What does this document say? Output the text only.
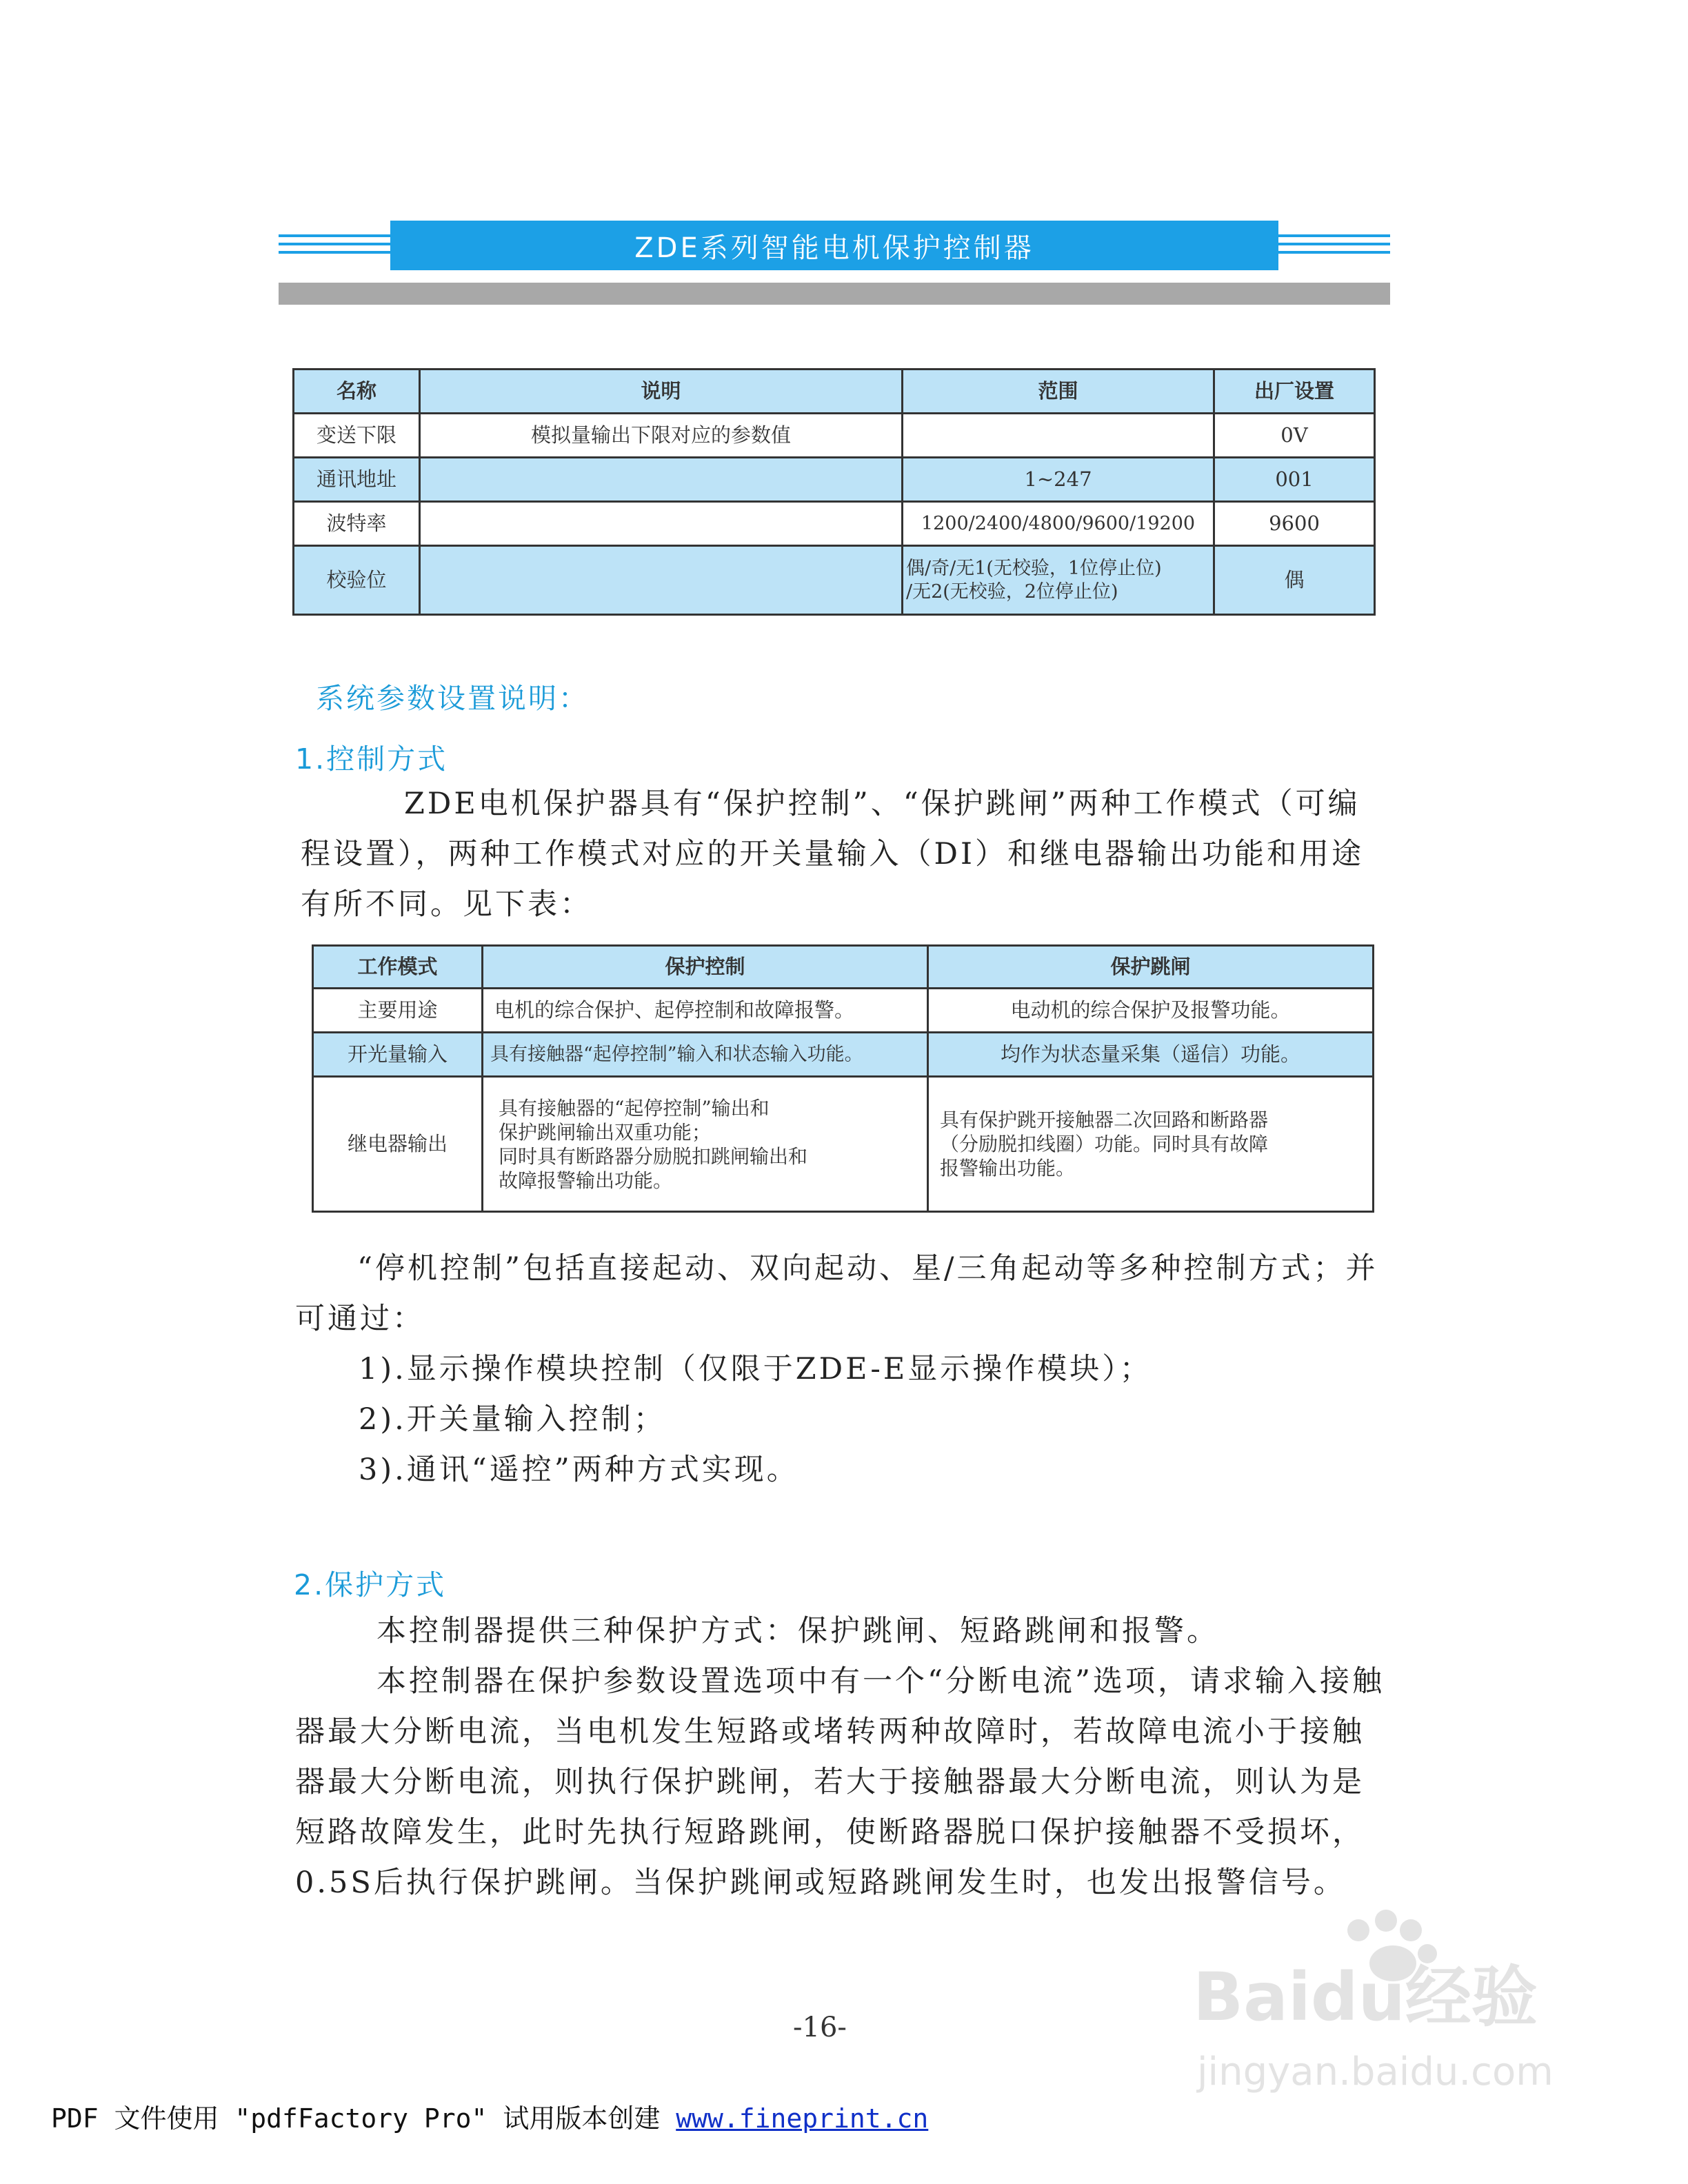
ZDE系列智能电机保护控制器
名称	说明	范围	出厂设置
变送下限	模拟量输出下限对应的参数值		0V
通讯地址		1~247	001
波特率		1200/2400/4800/9600/19200	9600
校验位		偶/奇/无1(无校验，1位停止位)
/无2(无校验，2位停止位)	偶
系统参数设置说明：
1.控制方式
ZDE电机保护器具有“保护控制”、“保护跳闸”两种工作模式（可编程设置），两种工作模式对应的开关量输入（DI）和继电器输出功能和用途有所不同。见下表：
工作模式	保护控制	保护跳闸
主要用途	电机的综合保护、起停控制和故障报警。	电动机的综合保护及报警功能。
开光量输入	具有接触器“起停控制”输入和状态输入功能。	均作为状态量采集（遥信）功能。
继电器输出	具有接触器的“起停控制”输出和
保护跳闸输出双重功能；
同时具有断路器分励脱扣跳闸输出和
故障报警输出功能。	具有保护跳开接触器二次回路和断路器
（分励脱扣线圈）功能。同时具有故障
报警输出功能。
“停机控制”包括直接起动、双向起动、星/三角起动等多种控制方式；并可通过：
1).显示操作模块控制（仅限于ZDE-E显示操作模块）；
2).开关量输入控制；
3).通讯“遥控”两种方式实现。
2.保护方式
本控制器提供三种保护方式：保护跳闸、短路跳闸和报警。
本控制器在保护参数设置选项中有一个“分断电流”选项，请求输入接触器最大分断电流，当电机发生短路或堵转两种故障时，若故障电流小于接触器最大分断电流，则执行保护跳闸，若大于接触器最大分断电流，则认为是短路故障发生，此时先执行短路跳闸，使断路器脱口保护接触器不受损坏，0.5S后执行保护跳闸。当保护跳闸或短路跳闸发生时，也发出报警信号。
-16-	Baidu经验
jingyan.baidu.com
PDF 文件使用 "pdfFactory Pro" 试用版本创建 www.fineprint.cn
